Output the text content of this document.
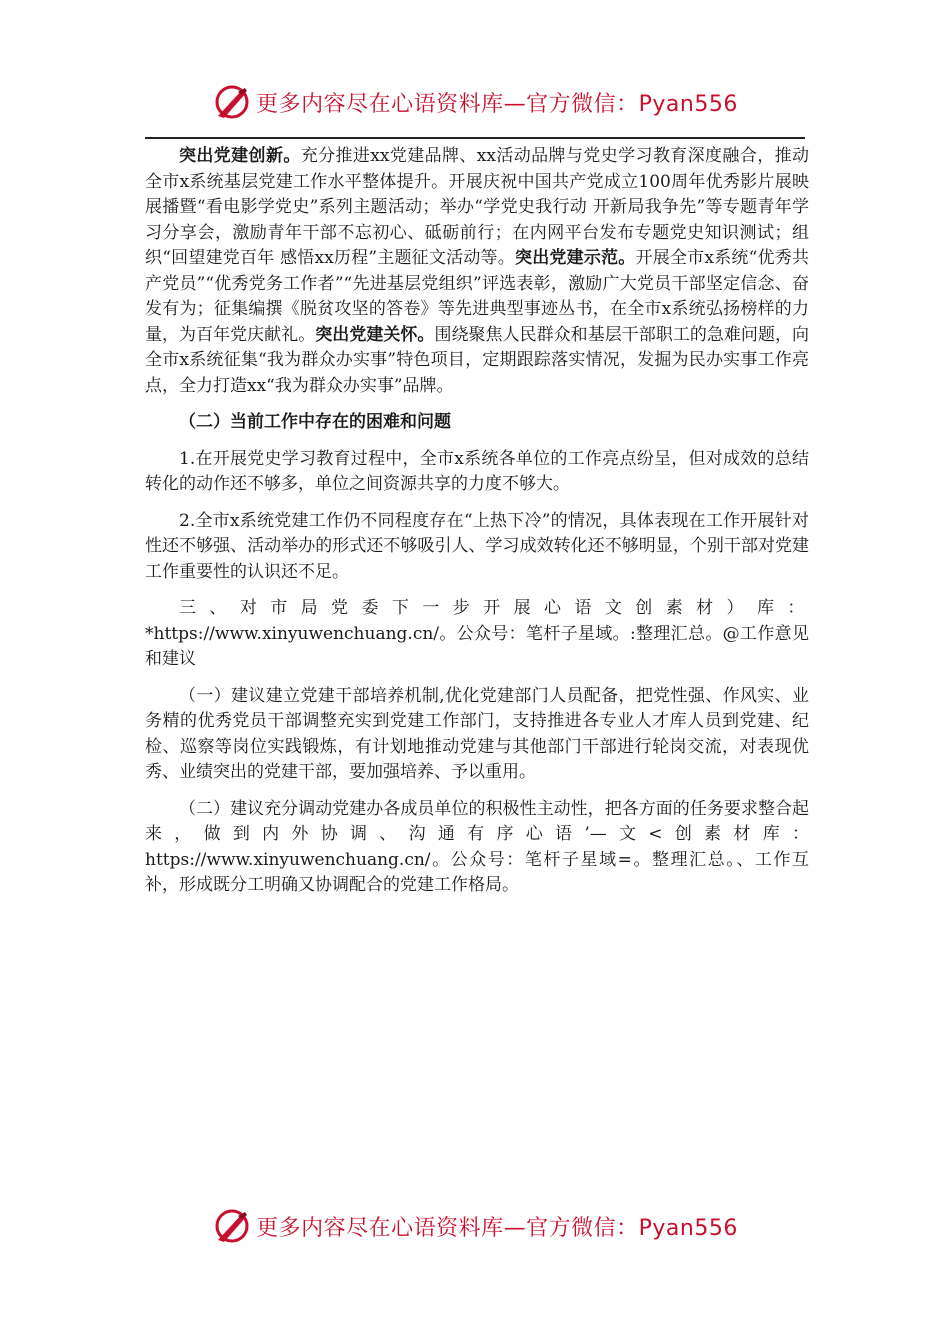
更多内容尽在心语资料库—官方微信：Pyan556

突出党建创新。充分推进xx党建品牌、xx活动品牌与党史学习教育深度融合，推动全市x系统基层党建工作水平整体提升。开展庆祝中国共产党成立100周年优秀影片展映展播暨“看电影学党史”系列主题活动；举办“学党史我行动 开新局我争先”等专题青年学习分享会，激励青年干部不忘初心、砥砺前行；在内网平台发布专题党史知识测试；组织“回望建党百年 感悟xx历程”主题征文活动等。突出党建示范。开展全市x系统“优秀共产党员”“优秀党务工作者”“先进基层党组织”评选表彰，激励广大党员干部坚定信念、奋发有为；征集编撰《脱贫攻坚的答卷》等先进典型事迹丛书，在全市x系统弘扬榜样的力量，为百年党庆献礼。突出党建关怀。围绕聚焦人民群众和基层干部职工的急难问题，向全市x系统征集“我为群众办实事”特色项目，定期跟踪落实情况，发掘为民办实事工作亮点，全力打造xx“我为群众办实事”品牌。

（二）当前工作中存在的困难和问题

1.在开展党史学习教育过程中，全市x系统各单位的工作亮点纷呈，但对成效的总结转化的动作还不够多，单位之间资源共享的力度不够大。

2.全市x系统党建工作仍不同程度存在“上热下冷”的情况，具体表现在工作开展针对性还不够强、活动举办的形式还不够吸引人、学习成效转化还不够明显，个别干部对党建工作重要性的认识还不足。

三、对市局党委下一步开展心语文创素材）库：*https://www.xinyuwenchuang.cn/。公众号：笔杆子星域。:整理汇总。@工作意见和建议

（一）建议建立党建干部培养机制,优化党建部门人员配备，把党性强、作风实、业务精的优秀党员干部调整充实到党建工作部门，支持推进各专业人才库人员到党建、纪检、巡察等岗位实践锻炼，有计划地推动党建与其他部门干部进行轮岗交流，对表现优秀、业绩突出的党建干部，要加强培养、予以重用。

（二）建议充分调动党建办各成员单位的积极性主动性，把各方面的任务要求整合起来，做到内外协调、沟通有序心语’—文<创素材库：https://www.xinyuwenchuang.cn/。公众号：笔杆子星域=。整理汇总。、工作互补，形成既分工明确又协调配合的党建工作格局。

更多内容尽在心语资料库—官方微信：Pyan556
